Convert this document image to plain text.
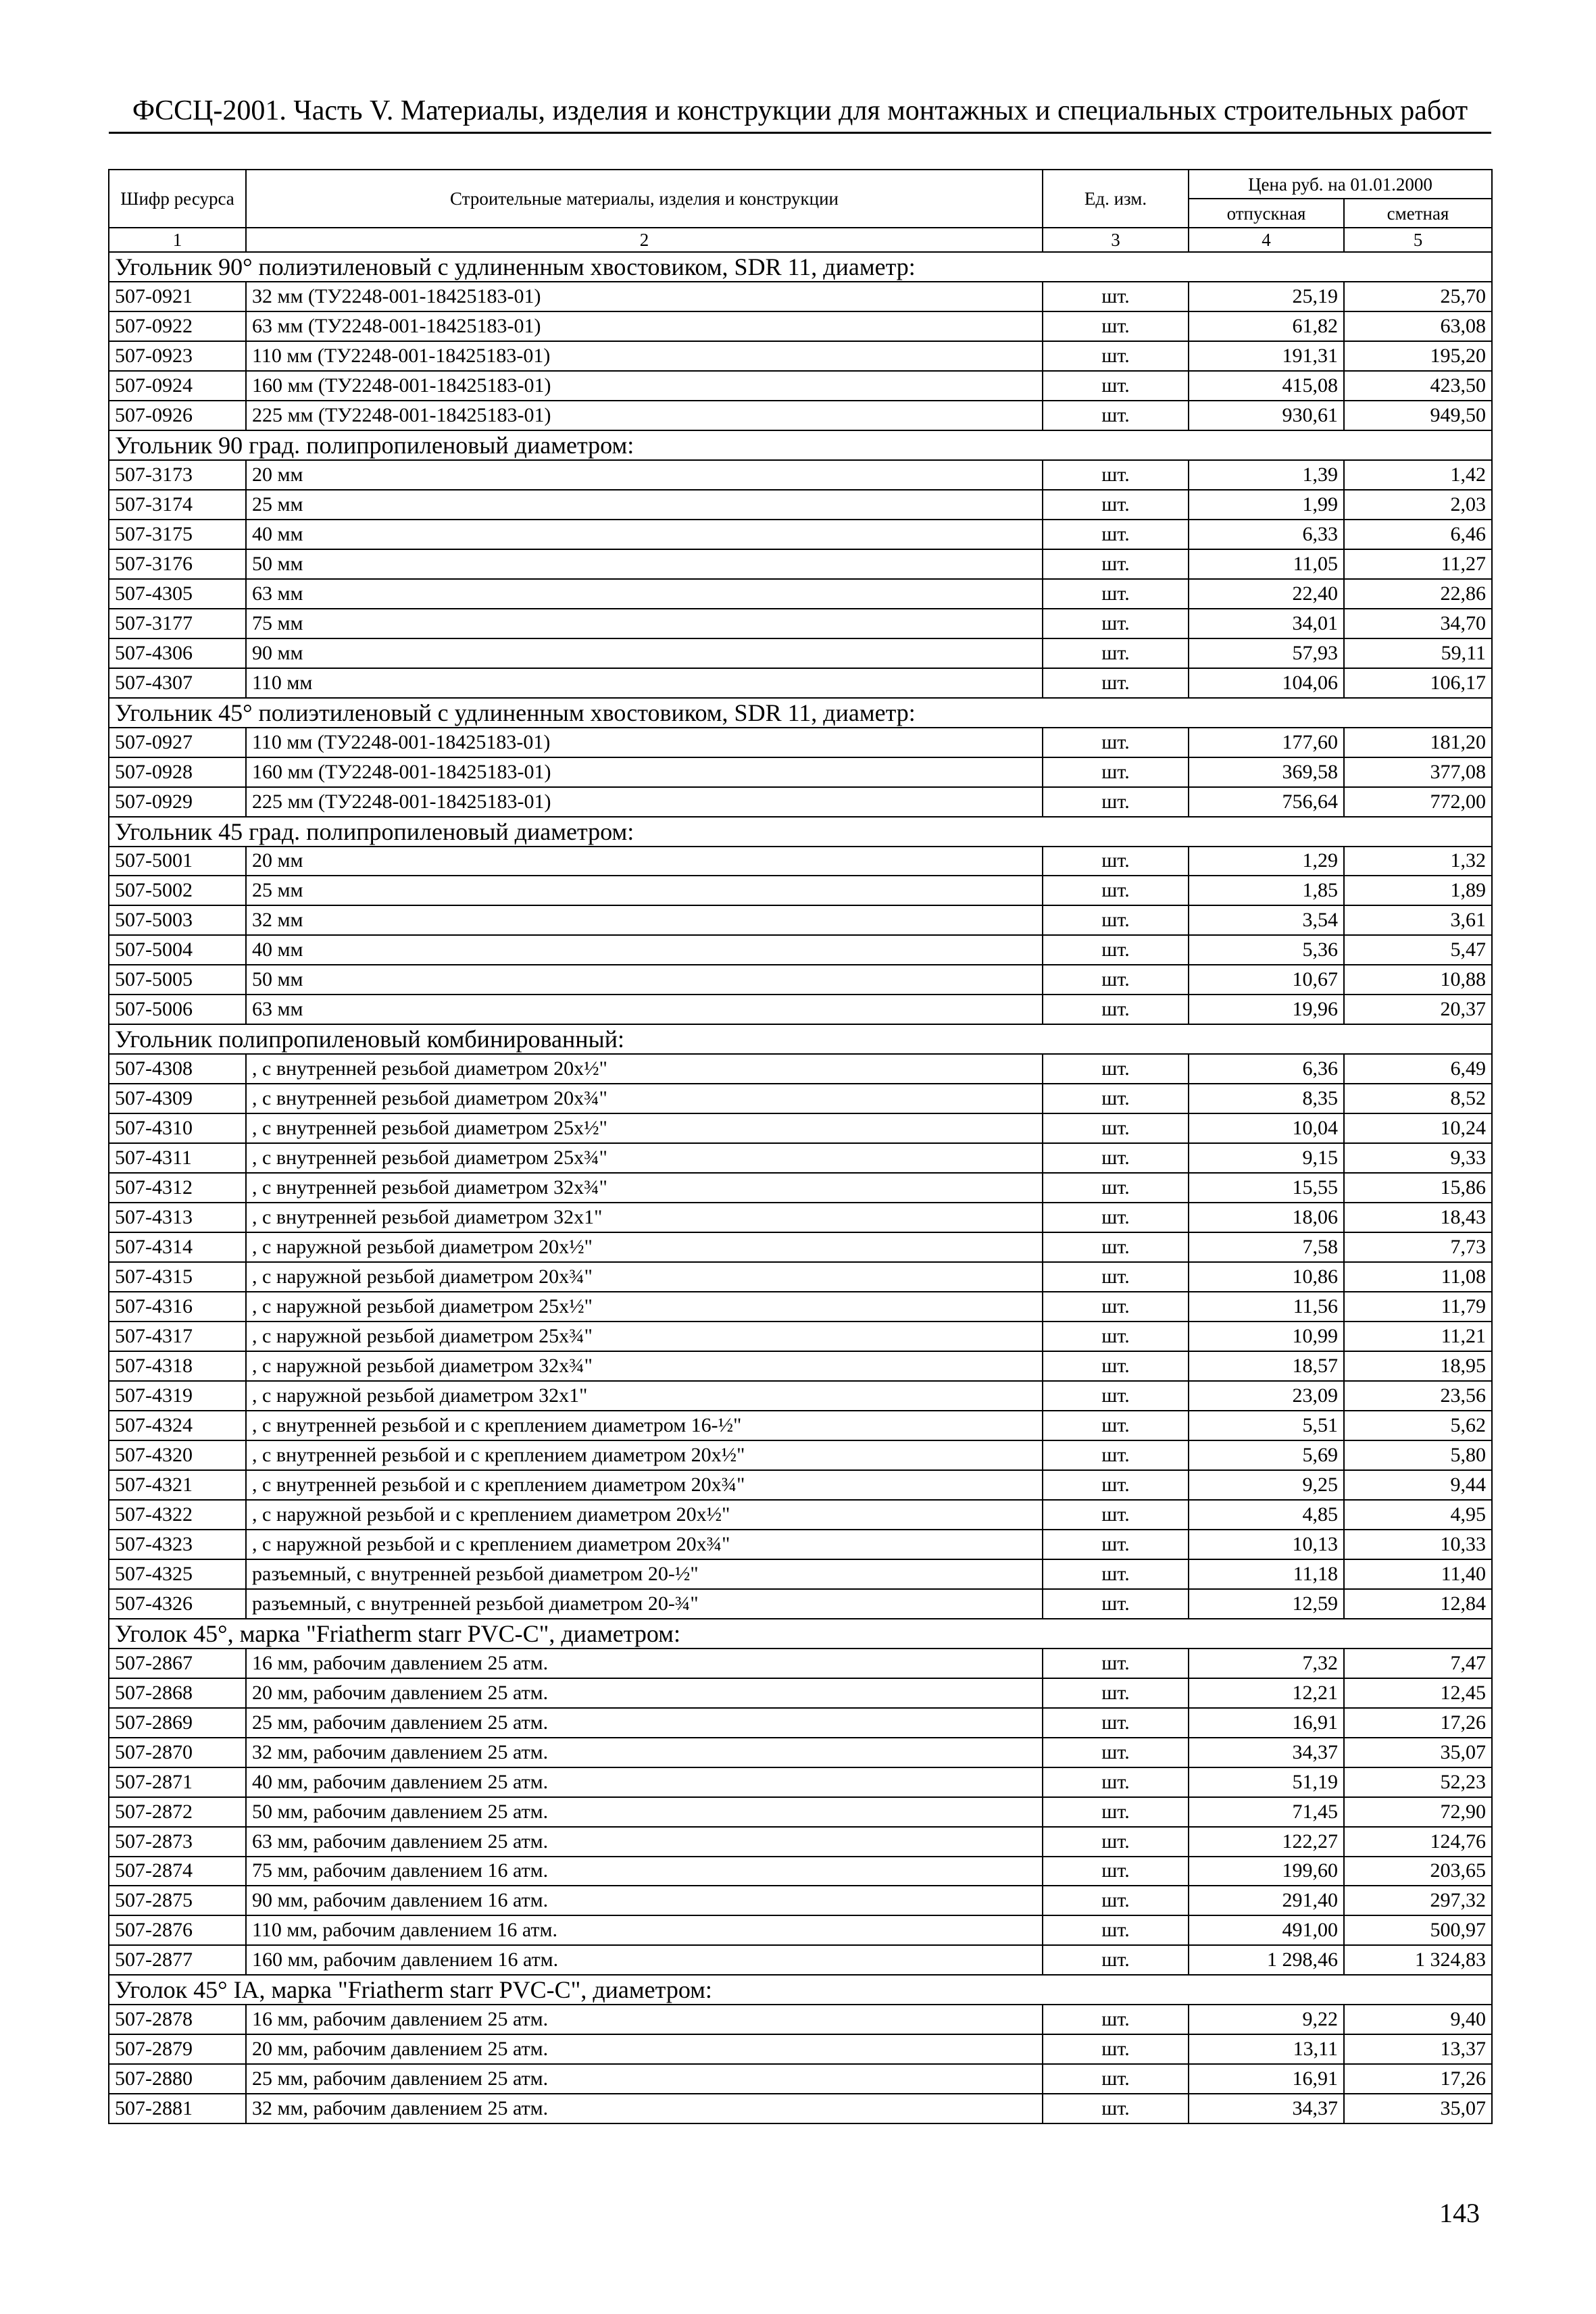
ФССЦ-2001. Часть V. Материалы, изделия и конструкции для монтажных и специальных строительных работ
Шифр ресурса	Строительные материалы, изделия и конструкции	Ед. изм.	Цена руб. на 01.01.2000	
			отпускная	сметная
1	2	3	4	5
Угольник 90° полиэтиленовый с удлиненным хвостовиком, SDR 11, диаметр:				
507-0921	32 мм (ТУ2248-001-18425183-01)	шт.	25,19	25,70
507-0922	63 мм (ТУ2248-001-18425183-01)	шт.	61,82	63,08
507-0923	110 мм (ТУ2248-001-18425183-01)	шт.	191,31	195,20
507-0924	160 мм (ТУ2248-001-18425183-01)	шт.	415,08	423,50
507-0926	225 мм (ТУ2248-001-18425183-01)	шт.	930,61	949,50
Угольник 90 град. полипропиленовый диаметром:				
507-3173	20 мм	шт.	1,39	1,42
507-3174	25 мм	шт.	1,99	2,03
507-3175	40 мм	шт.	6,33	6,46
507-3176	50 мм	шт.	11,05	11,27
507-4305	63 мм	шт.	22,40	22,86
507-3177	75 мм	шт.	34,01	34,70
507-4306	90 мм	шт.	57,93	59,11
507-4307	110 мм	шт.	104,06	106,17
Угольник 45° полиэтиленовый с удлиненным хвостовиком, SDR 11, диаметр:				
507-0927	110 мм (ТУ2248-001-18425183-01)	шт.	177,60	181,20
507-0928	160 мм (ТУ2248-001-18425183-01)	шт.	369,58	377,08
507-0929	225 мм (ТУ2248-001-18425183-01)	шт.	756,64	772,00
Угольник 45 град. полипропиленовый диаметром:				
507-5001	20 мм	шт.	1,29	1,32
507-5002	25 мм	шт.	1,85	1,89
507-5003	32 мм	шт.	3,54	3,61
507-5004	40 мм	шт.	5,36	5,47
507-5005	50 мм	шт.	10,67	10,88
507-5006	63 мм	шт.	19,96	20,37
Угольник полипропиленовый комбинированный:				
507-4308	, с внутренней резьбой диаметром 20х½"	шт.	6,36	6,49
507-4309	, с внутренней резьбой диаметром 20х¾"	шт.	8,35	8,52
507-4310	, с внутренней резьбой диаметром 25х½"	шт.	10,04	10,24
507-4311	, с внутренней резьбой диаметром 25х¾"	шт.	9,15	9,33
507-4312	, с внутренней резьбой диаметром 32х¾"	шт.	15,55	15,86
507-4313	, с внутренней резьбой диаметром 32х1"	шт.	18,06	18,43
507-4314	, с наружной резьбой диаметром 20х½"	шт.	7,58	7,73
507-4315	, с наружной резьбой диаметром 20х¾"	шт.	10,86	11,08
507-4316	, с наружной резьбой диаметром 25х½"	шт.	11,56	11,79
507-4317	, с наружной резьбой диаметром 25х¾"	шт.	10,99	11,21
507-4318	, с наружной резьбой диаметром 32х¾"	шт.	18,57	18,95
507-4319	, с наружной резьбой диаметром 32х1"	шт.	23,09	23,56
507-4324	, с внутренней резьбой и с креплением диаметром 16-½"	шт.	5,51	5,62
507-4320	, с внутренней резьбой и с креплением диаметром 20х½"	шт.	5,69	5,80
507-4321	, с внутренней резьбой и с креплением диаметром 20х¾"	шт.	9,25	9,44
507-4322	, с наружной резьбой и с креплением диаметром 20х½"	шт.	4,85	4,95
507-4323	, с наружной резьбой и с креплением диаметром 20х¾"	шт.	10,13	10,33
507-4325	разъемный, с внутренней резьбой диаметром 20-½"	шт.	11,18	11,40
507-4326	разъемный, с внутренней резьбой диаметром 20-¾"	шт.	12,59	12,84
Уголок 45°, марка "Friatherm starr PVC-C", диаметром:				
507-2867	16 мм, рабочим давлением 25 атм.	шт.	7,32	7,47
507-2868	20 мм, рабочим давлением 25 атм.	шт.	12,21	12,45
507-2869	25 мм, рабочим давлением 25 атм.	шт.	16,91	17,26
507-2870	32 мм, рабочим давлением 25 атм.	шт.	34,37	35,07
507-2871	40 мм, рабочим давлением 25 атм.	шт.	51,19	52,23
507-2872	50 мм, рабочим давлением 25 атм.	шт.	71,45	72,90
507-2873	63 мм, рабочим давлением 25 атм.	шт.	122,27	124,76
507-2874	75 мм, рабочим давлением 16 атм.	шт.	199,60	203,65
507-2875	90 мм, рабочим давлением 16 атм.	шт.	291,40	297,32
507-2876	110 мм, рабочим давлением 16 атм.	шт.	491,00	500,97
507-2877	160 мм, рабочим давлением 16 атм.	шт.	1 298,46	1 324,83
Уголок 45° IA, марка "Friatherm starr PVC-C", диаметром:				
507-2878	16 мм, рабочим давлением 25 атм.	шт.	9,22	9,40
507-2879	20 мм, рабочим давлением 25 атм.	шт.	13,11	13,37
507-2880	25 мм, рабочим давлением 25 атм.	шт.	16,91	17,26
507-2881	32 мм, рабочим давлением 25 атм.	шт.	34,37	35,07
143
